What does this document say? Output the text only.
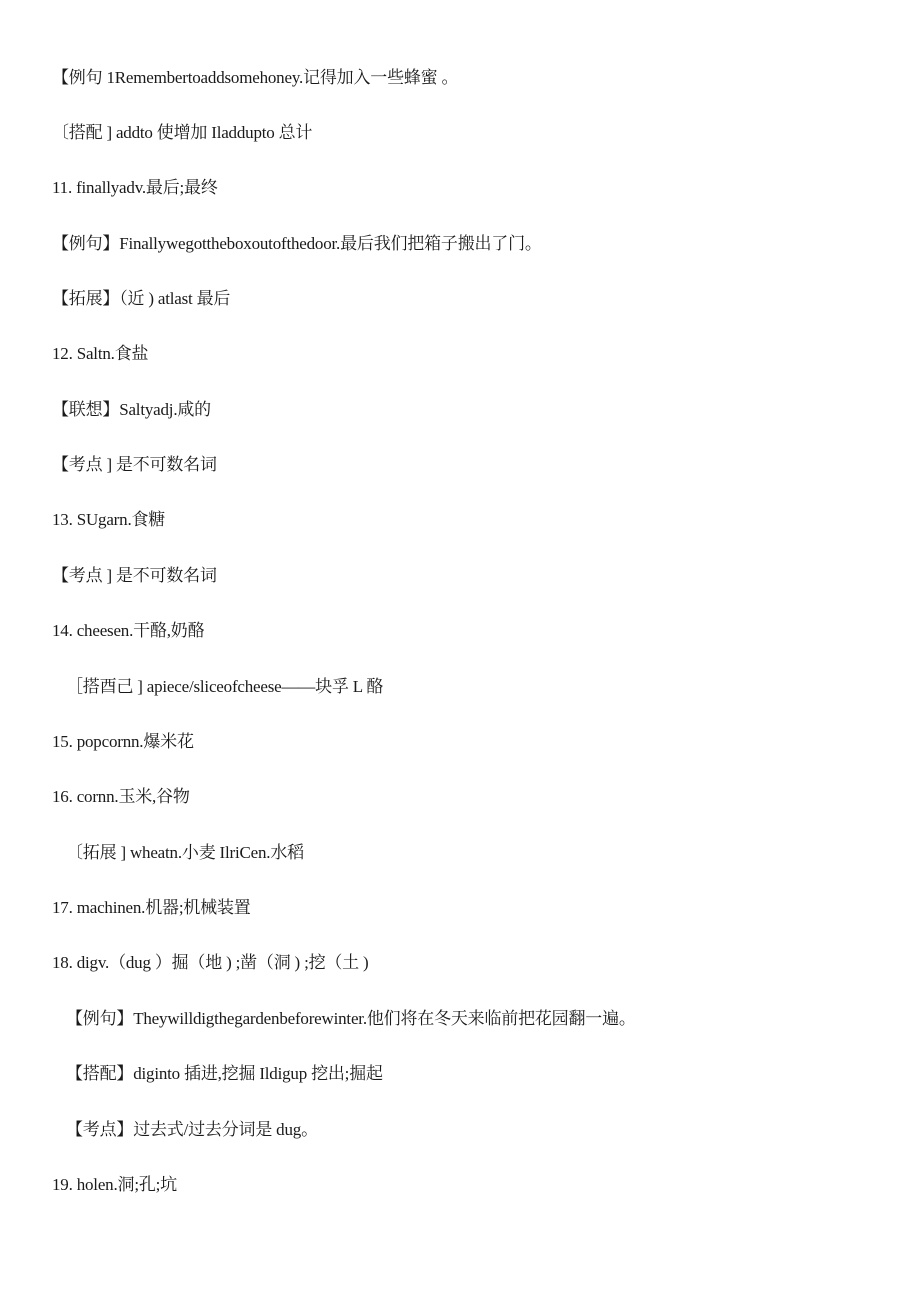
【例句 1Remembertoaddsomehoney.记得加入一些蜂蜜 。
〔搭配 ] addto 使增加 Iladdupto 总计
11. finallyadv.最后;最终
【例句】Finallywegottheboxoutofthedoor.最后我们把箱子搬出了门。
【拓展】（近 ) atlast 最后
12. Saltn.食盐
【联想】Saltyadj.咸的
【考点 ] 是不可数名词
13. SUgarn.食糖
【考点 ] 是不可数名词
14. cheesen.干酪,奶酪
［搭酉己 ] apiece/sliceofcheese——块孚 L 酪
15. popcornn.爆米花
16. cornn.玉米,谷物
〔拓展 ] wheatn.小麦 IlriCen.水稻
17. machinen.机器;机械装置
18. digv.（dug ）掘（地 ) ;凿（洞 ) ;挖（土 )
【例句】Theywilldigthegardenbeforewinter.他们将在冬天来临前把花园翻一遍。
【搭配】diginto 插进,挖掘 Ildigup 挖出;掘起
【考点】过去式/过去分词是 dug。
19. holen.洞;孔;坑
